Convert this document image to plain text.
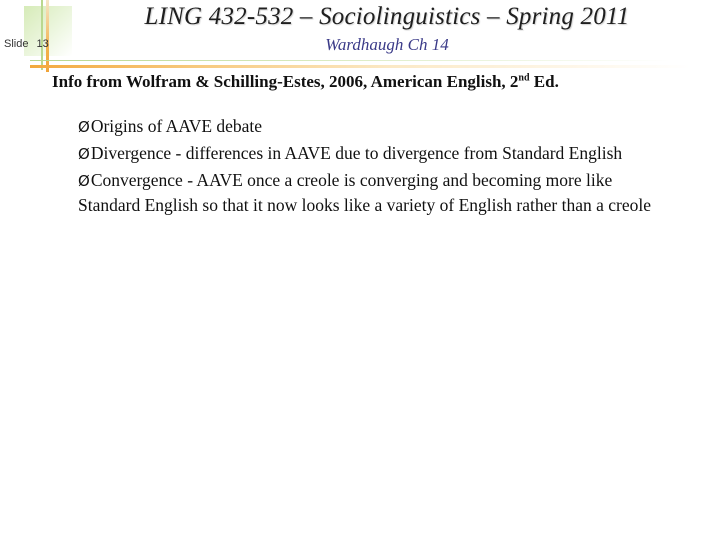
Slide 13
LING 432-532 – Sociolinguistics – Spring 2011
Wardhaugh Ch 14
Info from Wolfram & Schilling-Estes, 2006, American English, 2nd Ed.
ØOrigins of AAVE debate
ØDivergence - differences in AAVE due to divergence from Standard English
ØConvergence - AAVE once a creole is converging and becoming more like Standard English so that it now looks like a variety of English rather than a creole
